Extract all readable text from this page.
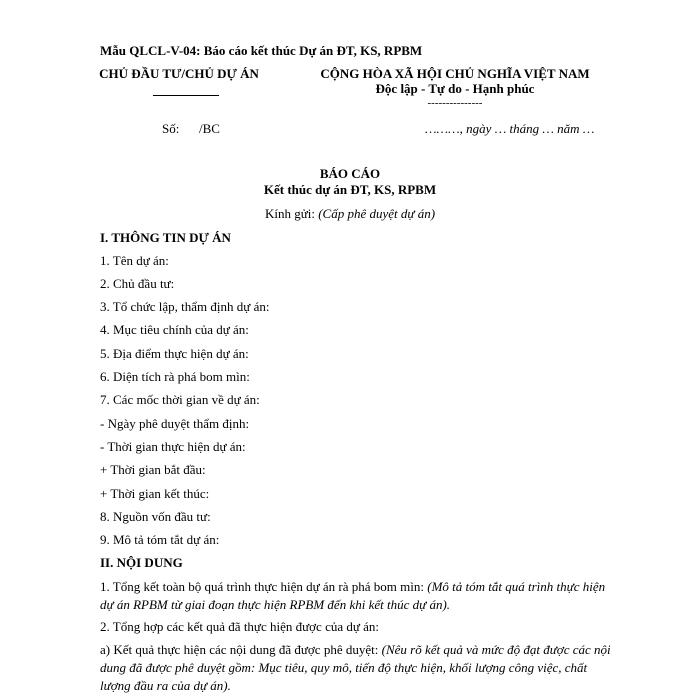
Mẫu QLCL-V-04: Báo cáo kết thúc Dự án ĐT, KS, RPBM
CHỦ ĐẦU TƯ/CHỦ DỰ ÁN	CỘNG HÒA XÃ HỘI CHỦ NGHĨA VIỆT NAM
Độc lập - Tự do - Hạnh phúc
---------------
Số: /BC	………, ngày … tháng … năm …
BÁO CÁO
Kết thúc dự án ĐT, KS, RPBM
Kính gửi: (Cấp phê duyệt dự án)
I. THÔNG TIN DỰ ÁN
1. Tên dự án:
2. Chủ đầu tư:
3. Tổ chức lập, thẩm định dự án:
4. Mục tiêu chính của dự án:
5. Địa điểm thực hiện dự án:
6. Diện tích rà phá bom mìn:
7. Các mốc thời gian về dự án:
- Ngày phê duyệt thẩm định:
- Thời gian thực hiện dự án:
+ Thời gian bắt đầu:
+ Thời gian kết thúc:
8. Nguồn vốn đầu tư:
9. Mô tả tóm tắt dự án:
II. NỘI DUNG
1. Tổng kết toàn bộ quá trình thực hiện dự án rà phá bom mìn: (Mô tả tóm tắt quá trình thực hiện dự án RPBM từ giai đoạn thực hiện RPBM đến khi kết thúc dự án).
2. Tổng hợp các kết quả đã thực hiện được của dự án:
a) Kết quả thực hiện các nội dung đã được phê duyệt: (Nêu rõ kết quả và mức độ đạt được các nội dung đã được phê duyệt gồm: Mục tiêu, quy mô, tiến độ thực hiện, khối lượng công việc, chất lượng đầu ra của dự án).
